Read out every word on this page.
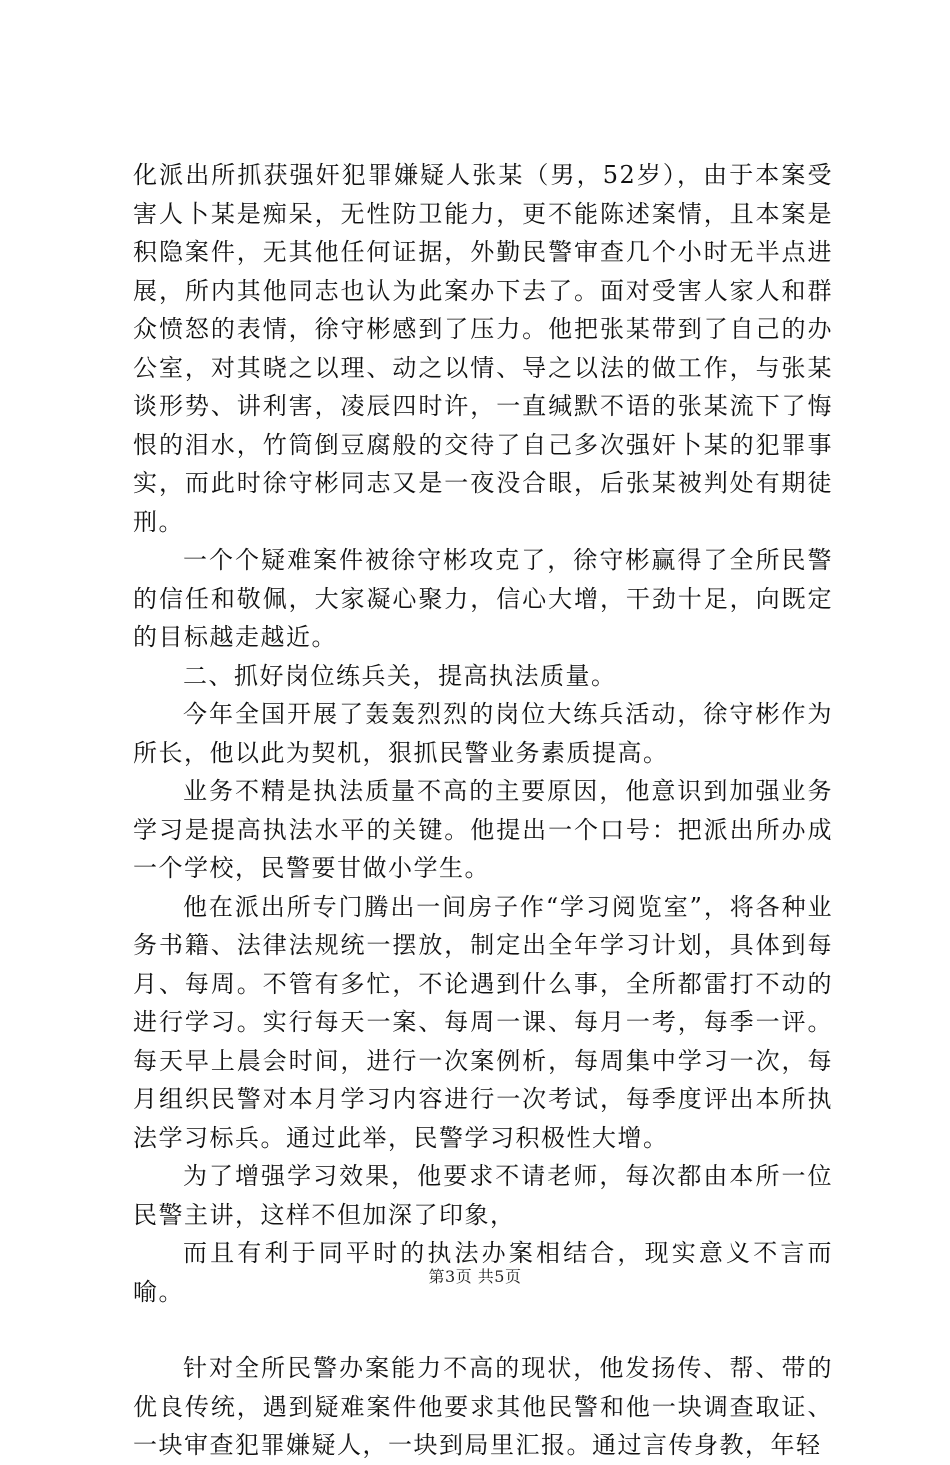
化派出所抓获强奸犯罪嫌疑人张某（男，52岁），由于本案受害人卜某是痴呆，无性防卫能力，更不能陈述案情，且本案是积隐案件，无其他任何证据，外勤民警审查几个小时无半点进展，所内其他同志也认为此案办下去了。面对受害人家人和群众愤怒的表情，徐守彬感到了压力。他把张某带到了自己的办公室，对其晓之以理、动之以情、导之以法的做工作，与张某谈形势、讲利害，凌辰四时许，一直缄默不语的张某流下了悔恨的泪水，竹筒倒豆腐般的交待了自己多次强奸卜某的犯罪事实，而此时徐守彬同志又是一夜没合眼，后张某被判处有期徒刑。

一个个疑难案件被徐守彬攻克了，徐守彬赢得了全所民警的信任和敬佩，大家凝心聚力，信心大增，干劲十足，向既定的目标越走越近。

二、抓好岗位练兵关，提高执法质量。

今年全国开展了轰轰烈烈的岗位大练兵活动，徐守彬作为所长，他以此为契机，狠抓民警业务素质提高。

业务不精是执法质量不高的主要原因，他意识到加强业务学习是提高执法水平的关键。他提出一个口号：把派出所办成一个学校，民警要甘做小学生。

他在派出所专门腾出一间房子作“学习阅览室”，将各种业务书籍、法律法规统一摆放，制定出全年学习计划，具体到每月、每周。不管有多忙，不论遇到什么事，全所都雷打不动的进行学习。实行每天一案、每周一课、每月一考，每季一评。每天早上晨会时间，进行一次案例析，每周集中学习一次，每月组织民警对本月学习内容进行一次考试，每季度评出本所执法学习标兵。通过此举，民警学习积极性大增。

为了增强学习效果，他要求不请老师，每次都由本所一位民警主讲，这样不但加深了印象，

而且有利于同平时的执法办案相结合，现实意义不言而喻。

针对全所民警办案能力不高的现状，他发扬传、帮、带的优良传统，遇到疑难案件他要求其他民警和他一块调查取证、一块审查犯罪嫌疑人，一块到局里汇报。通过言传身教，年轻

第3页 共5页
